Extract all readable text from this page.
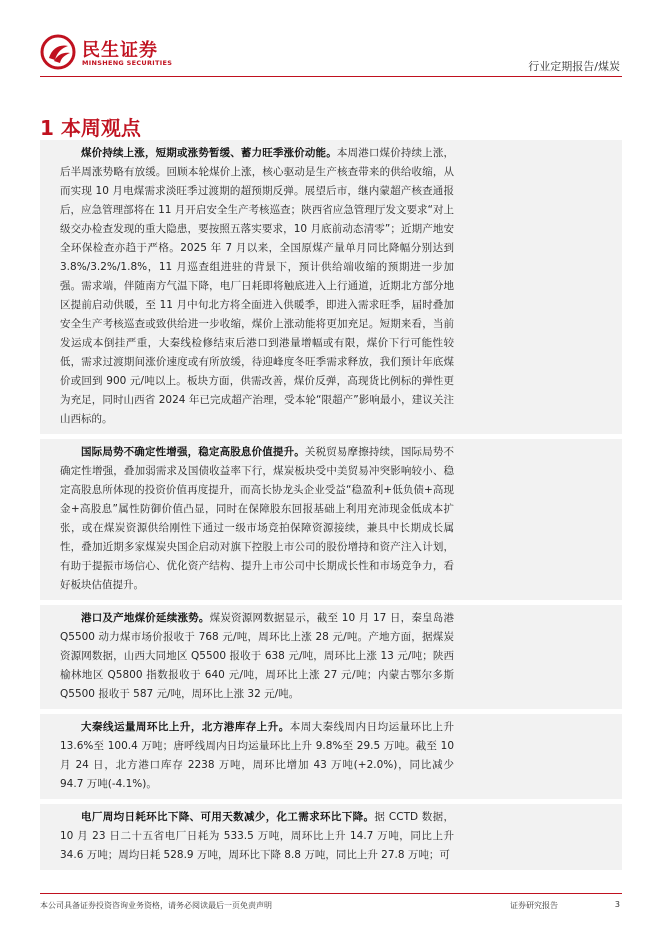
民生证券
MINSHENG SECURITIES	行业定期报告/煤炭
1 本周观点

煤价持续上涨，短期或涨势暂缓、蓄力旺季涨价动能。本周港口煤价持续上涨，后半周涨势略有放缓。回顾本轮煤价上涨，核心驱动是生产核查带来的供给收缩，从而实现 10 月电煤需求淡旺季过渡期的超预期反弹。展望后市，继内蒙超产核查通报后，应急管理部将在 11 月开启安全生产考核巡查；陕西省应急管理厅发文要求“对上级交办检查发现的重大隐患，要按照五落实要求，10 月底前动态清零”；近期产地安全环保检查亦趋于严格。2025 年 7 月以来，全国原煤产量单月同比降幅分别达到 3.8%/3.2%/1.8%，11 月巡查组进驻的背景下，预计供给端收缩的预期进一步加强。需求端，伴随南方气温下降，电厂日耗即将触底进入上行通道，近期北方部分地区提前启动供暖，至 11 月中旬北方将全面进入供暖季，即进入需求旺季，届时叠加安全生产考核巡查或致供给进一步收缩，煤价上涨动能将更加充足。短期来看，当前发运成本倒挂严重，大秦线检修结束后港口到港量增幅或有限，煤价下行可能性较低，需求过渡期间涨价速度或有所放缓，待迎峰度冬旺季需求释放，我们预计年底煤价或回到 900 元/吨以上。板块方面，供需改善，煤价反弹，高现货比例标的弹性更为充足，同时山西省 2024 年已完成超产治理，受本轮“限超产”影响最小，建议关注山西标的。

国际局势不确定性增强，稳定高股息价值提升。关税贸易摩擦持续，国际局势不确定性增强，叠加弱需求及国债收益率下行，煤炭板块受中美贸易冲突影响较小、稳定高股息所体现的投资价值再度提升，而高长协龙头企业受益“稳盈利+低负债+高现金+高股息”属性防御价值凸显，同时在保障股东回报基础上利用充沛现金低成本扩张，或在煤炭资源供给刚性下通过一级市场竞拍保障资源接续，兼具中长期成长属性，叠加近期多家煤炭央国企启动对旗下控股上市公司的股份增持和资产注入计划，有助于提振市场信心、优化资产结构、提升上市公司中长期成长性和市场竞争力，看好板块估值提升。

港口及产地煤价延续涨势。煤炭资源网数据显示，截至 10 月 17 日，秦皇岛港 Q5500 动力煤市场价报收于 768 元/吨，周环比上涨 28 元/吨。产地方面，据煤炭资源网数据，山西大同地区 Q5500 报收于 638 元/吨，周环比上涨 13 元/吨；陕西榆林地区 Q5800 指数报收于 640 元/吨，周环比上涨 27 元/吨；内蒙古鄂尔多斯 Q5500 报收于 587 元/吨，周环比上涨 32 元/吨。

大秦线运量周环比上升，北方港库存上升。本周大秦线周内日均运量环比上升 13.6%至 100.4 万吨；唐呼线周内日均运量环比上升 9.8%至 29.5 万吨。截至 10 月 24 日，北方港口库存 2238 万吨，周环比增加 43 万吨(+2.0%)，同比减少 94.7 万吨(-4.1%)。

电厂周均日耗环比下降、可用天数减少，化工需求环比下降。据 CCTD 数据，10 月 23 日二十五省电厂日耗为 533.5 万吨，周环比上升 14.7 万吨，同比上升 34.6 万吨；周均日耗 528.9 万吨，周环比下降 8.8 万吨，同比上升 27.8 万吨；可

本公司具备证券投资咨询业务资格，请务必阅读最后一页免责声明	证券研究报告	3
